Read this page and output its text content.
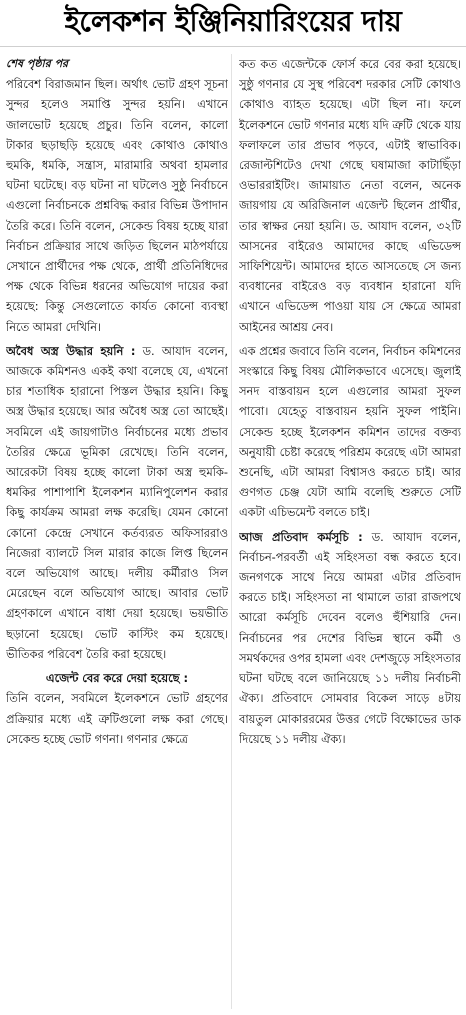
ইলেকশন ইঞ্জিনিয়ারিংয়ের দায়
শেষ পৃষ্ঠার পর

পরিবেশ বিরাজমান ছিল। অর্থাৎ ভোট গ্রহণ সূচনা সুন্দর হলেও সমাপ্তি সুন্দর হয়নি। এখানে জালভোট হয়েছে প্রচুর। তিনি বলেন, কালো টাকার ছড়াছড়ি হয়েছে এবং কোথাও কোথাও হুমকি, ধমকি, সন্ত্রাস, মারামারি অথবা হামলার ঘটনা ঘটেছে। বড় ঘটনা না ঘটলেও সুষ্ঠু নির্বাচনে এগুলো নির্বাচনকে প্রশ্নবিদ্ধ করার বিভিন্ন উপাদান তৈরি করে। তিনি বলেন, সেকেন্ড বিষয় হচ্ছে যারা নির্বাচন প্রক্রিয়ার সাথে জড়িত ছিলেন মাঠপর্যায়ে সেখানে প্রার্থীদের পক্ষ থেকে, প্রার্থী প্রতিনিধিদের পক্ষ থেকে বিভিন্ন ধরনের অভিযোগ দায়ের করা হয়েছে: কিন্তু সেগুলোতে কার্যত কোনো ব্যবস্থা নিতে আমরা দেখিনি।

অবৈধ অস্ত্র উদ্ধার হয়নি : ড. আযাদ বলেন, আজকে কমিশনও একই কথা বলেছে যে, এখনো চার শতাধিক হারানো পিস্তল উদ্ধার হয়নি। কিছু অস্ত্র উদ্ধার হয়েছে। আর অবৈধ অস্ত্র তো আছেই। সবমিলে এই জায়গাটাও নির্বাচনের মধ্যে প্রভাব তৈরির ক্ষেত্রে ভূমিকা রেখেছে। তিনি বলেন, আরেকটা বিষয় হচ্ছে কালো টাকা অস্ত্র হুমকি-ধমকির পাশাপাশি ইলেকশন ম্যানিপুলেশন করার কিছু কার্যক্রম আমরা লক্ষ করেছি। যেমন কোনো কোনো কেন্দ্রে সেখানে কর্তব্যরত অফিসাররাও নিজেরা ব্যালটে সিল মারার কাজে লিপ্ত ছিলেন বলে অভিযোগ আছে। দলীয় কর্মীরাও সিল মেরেছেন বলে অভিযোগ আছে। আবার ভোট গ্রহণকালে এখানে বাধা দেয়া হয়েছে। ভয়ভীতি ছড়ানো হয়েছে। ভোট কাস্টিং কম হয়েছে। ভীতিকর পরিবেশ তৈরি করা হয়েছে।

এজেন্ট বের করে দেয়া হয়েছে :

তিনি বলেন, সবমিলে ইলেকশনে ভোট গ্রহণের প্রক্রিয়ার মধ্যে এই ত্রুটিগুলো লক্ষ করা গেছে। সেকেন্ড হচ্ছে ভোট গণনা। গণনার ক্ষেত্রে

কত কত এজেন্টকে ফোর্স করে বের করা হয়েছে। সুষ্ঠু গণনার যে সুস্থ পরিবেশ দরকার সেটি কোথাও কোথাও ব্যাহত হয়েছে। এটা ছিল না। ফলে ইলেকশনে ভোট গণনার মধ্যে যদি ত্রুটি থেকে যায় ফলাফলে তার প্রভাব পড়বে, এটাই স্বাভাবিক। রেজাল্টশিটেও দেখা গেছে ঘষামাজা কাটাছিঁড়া ওভাররাইটিং। জামায়াত নেতা বলেন, অনেক জায়গায় যে অরিজিনাল এজেন্ট ছিলেন প্রার্থীর, তার স্বাক্ষর নেয়া হয়নি। ড. আযাদ বলেন, ৩২টি আসনের বাইরেও আমাদের কাছে এভিডেন্স সাফিশিয়েন্ট। আমাদের হাতে আসতেছে সে জন্য ব্যবধানের বাইরেও বড় ব্যবধান হারানো যদি এখানে এভিডেন্স পাওয়া যায় সে ক্ষেত্রে আমরা আইনের আশ্রয় নেব।

এক প্রশ্নের জবাবে তিনি বলেন, নির্বাচন কমিশনের সংস্কারে কিছু বিষয় মৌলিকভাবে এসেছে। জুলাই সনদ বাস্তবায়ন হলে এগুলোর আমরা সুফল পাবো। যেহেতু বাস্তবায়ন হয়নি সুফল পাইনি। সেকেন্ড হচ্ছে ইলেকশন কমিশন তাদের বক্তব্য অনুযায়ী চেষ্টা করেছে পরিশ্রম করেছে এটা আমরা শুনেছি, এটা আমরা বিশ্বাসও করতে চাই। আর গুণগত চেঞ্জ যেটা আমি বলেছি শুরুতে সেটি একটা এচিভমেন্ট বলতে চাই।

আজ প্রতিবাদ কর্মসূচি : ড. আযাদ বলেন, নির্বাচন-পরবর্তী এই সহিংসতা বন্ধ করতে হবে। জনগণকে সাথে নিয়ে আমরা এটার প্রতিবাদ করতে চাই। সহিংসতা না থামালে তারা রাজপথে আরো কর্মসূচি দেবেন বলেও হুঁশিয়ারি দেন। নির্বাচনের পর দেশের বিভিন্ন স্থানে কর্মী ও সমর্থকদের ওপর হামলা এবং দেশজুড়ে সহিংসতার ঘটনা ঘটছে বলে জানিয়েছে ১১ দলীয় নির্বাচনী ঐক্য। প্রতিবাদে সোমবার বিকেল সাড়ে ৪টায় বায়তুল মোকাররমের উত্তর গেটে বিক্ষোভের ডাক দিয়েছে ১১ দলীয় ঐক্য।
